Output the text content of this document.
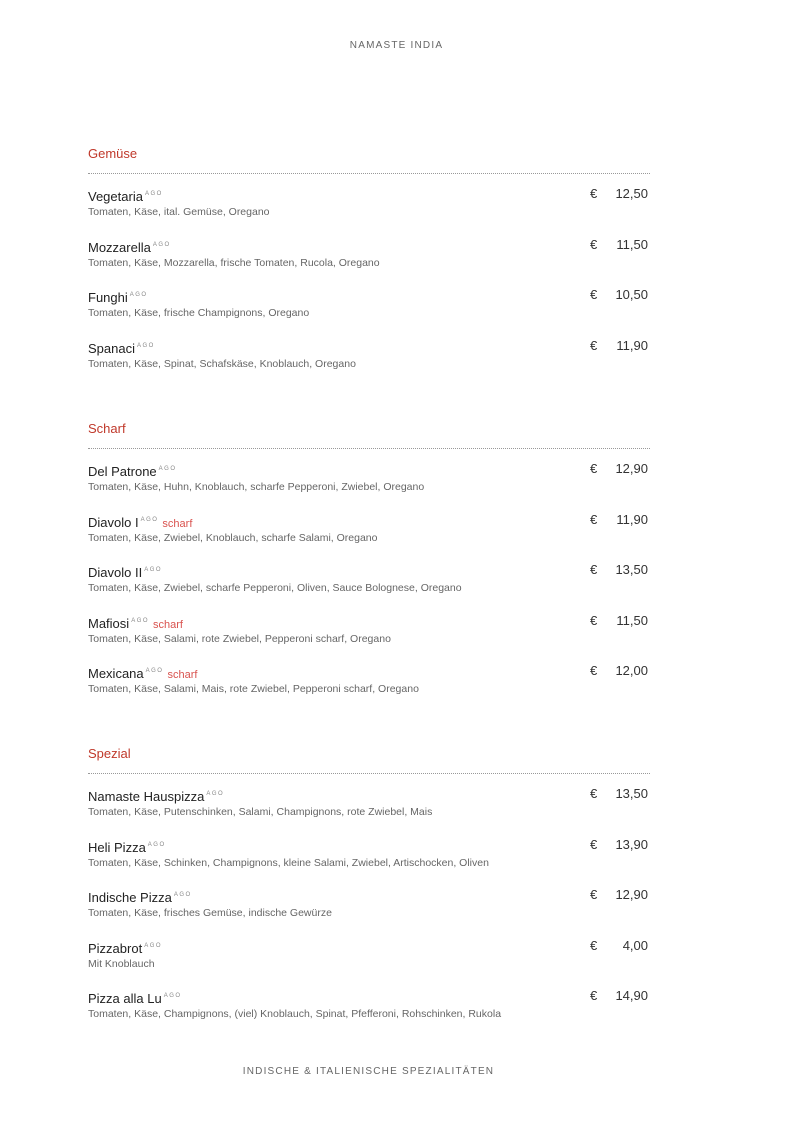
NAMASTE INDIA
Gemüse
Vegetaria $^{AGO}$
Tomaten, Käse, ital. Gemüse, Oregano
€ 12,50
Mozzarella $^{AGO}$
Tomaten, Käse, Mozzarella, frische Tomaten, Rucola, Oregano
€ 11,50
Funghi $^{AGO}$
Tomaten, Käse, frische Champignons, Oregano
€ 10,50
Spanaci $^{AGO}$
Tomaten, Käse, Spinat, Schafskäse, Knoblauch, Oregano
€ 11,90
Scharf
Del Patrone $^{AGO}$
Tomaten, Käse, Huhn, Knoblauch, scharfe Pepperoni, Zwiebel, Oregano
€ 12,90
Diavolo I $^{AGO}$ scharf
Tomaten, Käse, Zwiebel, Knoblauch, scharfe Salami, Oregano
€ 11,90
Diavolo II $^{AGO}$
Tomaten, Käse, Zwiebel, scharfe Pepperoni, Oliven, Sauce Bolognese, Oregano
€ 13,50
Mafiosi $^{AGO}$ scharf
Tomaten, Käse, Salami, rote Zwiebel, Pepperoni scharf, Oregano
€ 11,50
Mexicana $^{AGO}$ scharf
Tomaten, Käse, Salami, Mais, rote Zwiebel, Pepperoni scharf, Oregano
€ 12,00
Spezial
Namaste Hauspizza $^{AGO}$
Tomaten, Käse, Putenschinken, Salami, Champignons, rote Zwiebel, Mais
€ 13,50
Heli Pizza $^{AGO}$
Tomaten, Käse, Schinken, Champignons, kleine Salami, Zwiebel, Artischocken, Oliven
€ 13,90
Indische Pizza $^{AGO}$
Tomaten, Käse, frisches Gemüse, indische Gewürze
€ 12,90
Pizzabrot $^{AGO}$
Mit Knoblauch
€ 4,00
Pizza alla Lu $^{AGO}$
Tomaten, Käse, Champignons, (viel) Knoblauch, Spinat, Pfefferoni, Rohschinken, Rukola
€ 14,90
INDISCHE & ITALIENISCHE SPEZIALITÄTEN
